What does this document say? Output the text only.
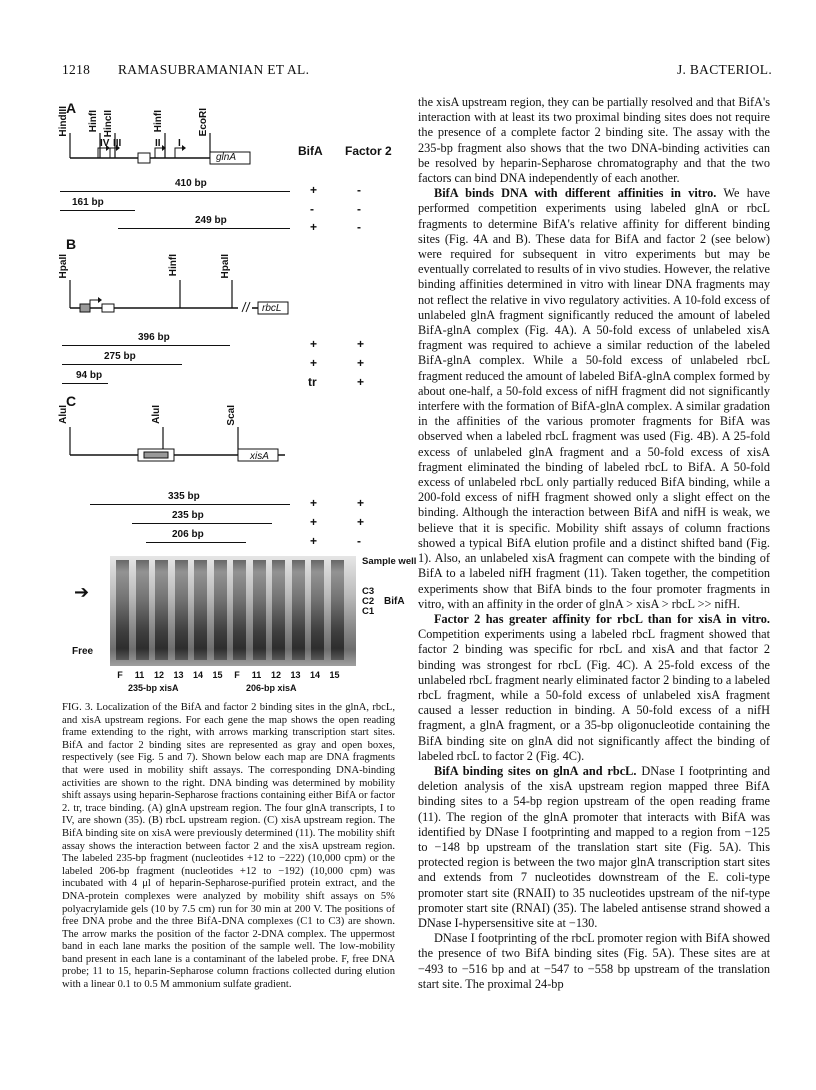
1218 RAMASUBRAMANIAN ET AL.	J. BACTERIOL.
BifA Factor 2
A
HindIII HinfI HincII	HinfI	EcoRI
IV III	II I
glnA
410 bp	+	-
161 bp	-	-
249 bp	+	-
B
HpaII	HinfI	HpaII
rbcL
396 bp	+	+
275 bp	+	+
94 bp	tr	+
C
AluI	AluI	ScaI
xisA
335 bp	+	+
235 bp	+	+
206 bp	+	-

FIG. 3. Localization of the BifA and factor 2 binding sites in the glnA, rbcL, and xisA upstream regions. For each gene the map shows the open reading frame extending to the right, with arrows marking transcription start sites. BifA and factor 2 binding sites are represented as gray and open boxes, respectively (see Fig. 5 and 7). Shown below each map are DNA fragments that were used in mobility shift assays. The corresponding DNA-binding activities are shown to the right. DNA binding was determined by mobility shift assays using heparin-Sepharose fractions containing either BifA or factor 2. tr, trace binding. (A) glnA upstream region. The four glnA transcripts, I to IV, are shown (35). (B) rbcL upstream region. (C) xisA upstream region. The BifA binding site on xisA were previously determined (11). The mobility shift assay shows the interaction between factor 2 and the xisA upstream region. The labeled 235-bp fragment (nucleotides +12 to −222) (10,000 cpm) or the labeled 206-bp fragment (nucleotides +12 to −192) (10,000 cpm) was incubated with 4 μl of heparin-Sepharose-purified protein extract, and the DNA-protein complexes were analyzed by mobility shift assays on 5% polyacrylamide gels (10 by 7.5 cm) run for 30 min at 200 V. The positions of free DNA probe and the three BifA-DNA complexes (C1 to C3) are shown. The arrow marks the position of the factor 2-DNA complex. The uppermost band in each lane marks the position of the sample well. The low-mobility band present in each lane is a contaminant of the labeled probe. F, free DNA probe; 11 to 15, heparin-Sepharose column fractions collected during elution with a linear 0.1 to 0.5 M ammonium sulfate gradient.

the xisA upstream region, they can be partially resolved and that BifA's interaction with at least its two proximal binding sites does not require the presence of a complete factor 2 binding site. The assay with the 235-bp fragment also shows that the two DNA-binding activities can be resolved by heparin-Sepharose chromatography and that the two factors can bind DNA independently of each another.

BifA binds DNA with different affinities in vitro. We have performed competition experiments using labeled glnA or rbcL fragments to determine BifA's relative affinity for different binding sites (Fig. 4A and B). These data for BifA and factor 2 (see below) were required for subsequent in vitro experiments but may be eventually correlated to results of in vivo studies. However, the relative binding affinities determined in vitro with linear DNA fragments may not reflect the relative in vivo regulatory activities. A 10-fold excess of unlabeled glnA fragment significantly reduced the amount of labeled BifA-glnA complex (Fig. 4A). A 50-fold excess of unlabeled xisA fragment was required to achieve a similar reduction of the labeled BifA-glnA complex. While a 50-fold excess of unlabeled rbcL fragment reduced the amount of labeled BifA-glnA complex formed by about one-half, a 50-fold excess of nifH fragment did not significantly interfere with the formation of BifA-glnA complex. A similar gradation in the affinities of the various promoter fragments for BifA was observed when a labeled rbcL fragment was used (Fig. 4B). A 25-fold excess of unlabeled glnA fragment and a 50-fold excess of xisA fragment eliminated the binding of labeled rbcL to BifA. A 50-fold excess of unlabeled rbcL only partially reduced BifA binding, while a 200-fold excess of nifH fragment showed only a slight effect on the binding. Although the interaction between BifA and nifH is weak, we believe that it is specific. Mobility shift assays of column fractions showed a typical BifA elution profile and a distinct shifted band (Fig. 1). Also, an unlabeled xisA fragment can compete with the binding of BifA to a labeled nifH fragment (11). Taken together, the competition experiments show that BifA binds to the four promoter fragments in vitro, with an affinity in the order of glnA > xisA > rbcL >> nifH.

Factor 2 has greater affinity for rbcL than for xisA in vitro. Competition experiments using a labeled rbcL fragment showed that factor 2 binding was specific for rbcL and xisA and that factor 2 binding was strongest for rbcL (Fig. 4C). A 25-fold excess of the unlabeled rbcL fragment nearly eliminated factor 2 binding to a labeled rbcL fragment, while a 50-fold excess of unlabeled xisA fragment caused a lesser reduction in binding. A 50-fold excess of a nifH fragment, a glnA fragment, or a 35-bp oligonucleotide containing the BifA binding site on glnA did not significantly affect the binding of labeled rbcL to factor 2 (Fig. 4C).

BifA binding sites on glnA and rbcL. DNase I footprinting and deletion analysis of the xisA upstream region mapped three BifA binding sites to a 54-bp region upstream of the open reading frame (11). The region of the glnA promoter that interacts with BifA was identified by DNase I footprinting and mapped to a region from −125 to −148 bp upstream of the translation start site (Fig. 5A). This protected region is between the two major glnA transcription start sites and extends from 7 nucleotides downstream of the E. coli-type promoter start site (RNAII) to 35 nucleotides upstream of the nif-type promoter start site (RNAI) (35). The labeled antisense strand showed a DNase I-hypersensitive site at −130.

DNase I footprinting of the rbcL promoter region with BifA showed the presence of two BifA binding sites (Fig. 5A). These sites are at −493 to −516 bp and at −547 to −558 bp upstream of the translation start site. The proximal 24-bp

Sample well
C3
C2
C1
BifA
Free
➔
F	11	12	13	14	15	F	11	12	13	14	15
235-bp xisA	206-bp xisA
